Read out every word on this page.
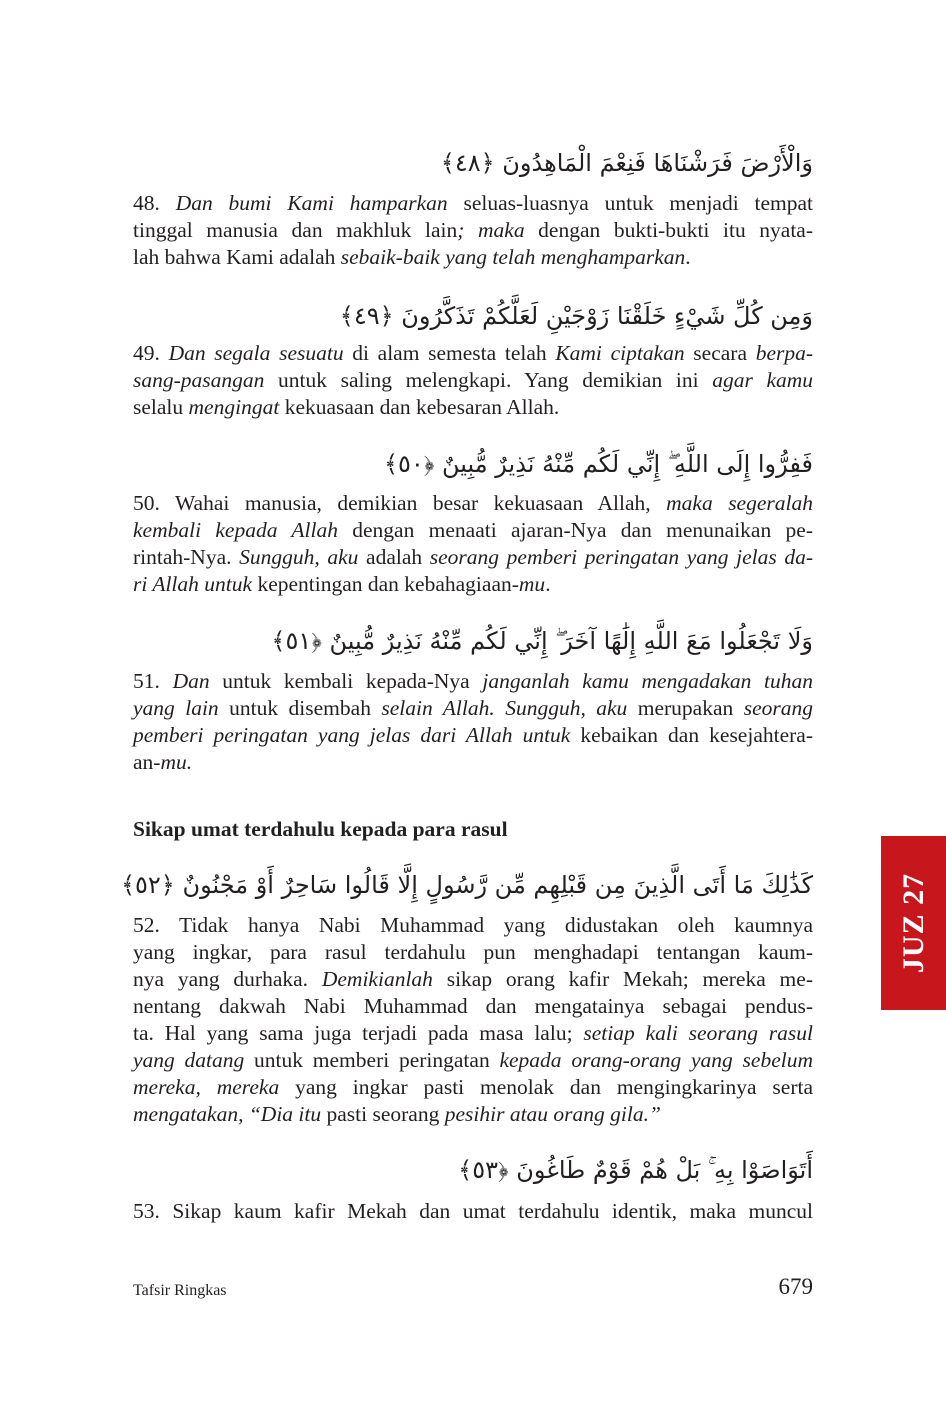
وَالْأَرْضَ فَرَشْنَاهَا فَنِعْمَ الْمَاهِدُونَ ﴿٤٨﴾
48. Dan bumi Kami hamparkan seluas-luasnya untuk menjadi tempat
tinggal manusia dan makhluk lain; maka dengan bukti-bukti itu nyata-
lah bahwa Kami adalah sebaik-baik yang telah menghamparkan.
وَمِن كُلِّ شَيْءٍ خَلَقْنَا زَوْجَيْنِ لَعَلَّكُمْ تَذَكَّرُونَ ﴿٤٩﴾
49. Dan segala sesuatu di alam semesta telah Kami ciptakan secara berpa-
sang-pasangan untuk saling melengkapi. Yang demikian ini agar kamu
selalu mengingat kekuasaan dan kebesaran Allah.
فَفِرُّوا إِلَى اللَّهِ ۖ إِنِّي لَكُم مِّنْهُ نَذِيرٌ مُّبِينٌ ﴿٥٠﴾
50. Wahai manusia, demikian besar kekuasaan Allah, maka segeralah
kembali kepada Allah dengan menaati ajaran-Nya dan menunaikan pe-
rintah-Nya. Sungguh, aku adalah seorang pemberi peringatan yang jelas da-
ri Allah untuk kepentingan dan kebahagiaan-mu.
وَلَا تَجْعَلُوا مَعَ اللَّهِ إِلَٰهًا آخَرَ ۖ إِنِّي لَكُم مِّنْهُ نَذِيرٌ مُّبِينٌ ﴿٥١﴾
51. Dan untuk kembali kepada-Nya janganlah kamu mengadakan tuhan
yang lain untuk disembah selain Allah. Sungguh, aku merupakan seorang
pemberi peringatan yang jelas dari Allah untuk kebaikan dan kesejahtera-
an-mu.
Sikap umat terdahulu kepada para rasul
كَذَٰلِكَ مَا أَتَى الَّذِينَ مِن قَبْلِهِم مِّن رَّسُولٍ إِلَّا قَالُوا سَاحِرٌ أَوْ مَجْنُونٌ ﴿٥٢﴾
52. Tidak hanya Nabi Muhammad yang didustakan oleh kaumnya
yang ingkar, para rasul terdahulu pun menghadapi tentangan kaum-
nya yang durhaka. Demikianlah sikap orang kafir Mekah; mereka me-
nentang dakwah Nabi Muhammad dan mengatainya sebagai pendus-
ta. Hal yang sama juga terjadi pada masa lalu; setiap kali seorang rasul
yang datang untuk memberi peringatan kepada orang-orang yang sebelum
mereka, mereka yang ingkar pasti menolak dan mengingkarinya serta
mengatakan, “Dia itu pasti seorang pesihir atau orang gila.”
أَتَوَاصَوْا بِهِ ۚ بَلْ هُمْ قَوْمٌ طَاغُونَ ﴿٥٣﴾
53. Sikap kaum kafir Mekah dan umat terdahulu identik, maka muncul
JUZ 27
Tafsir Ringkas	679
